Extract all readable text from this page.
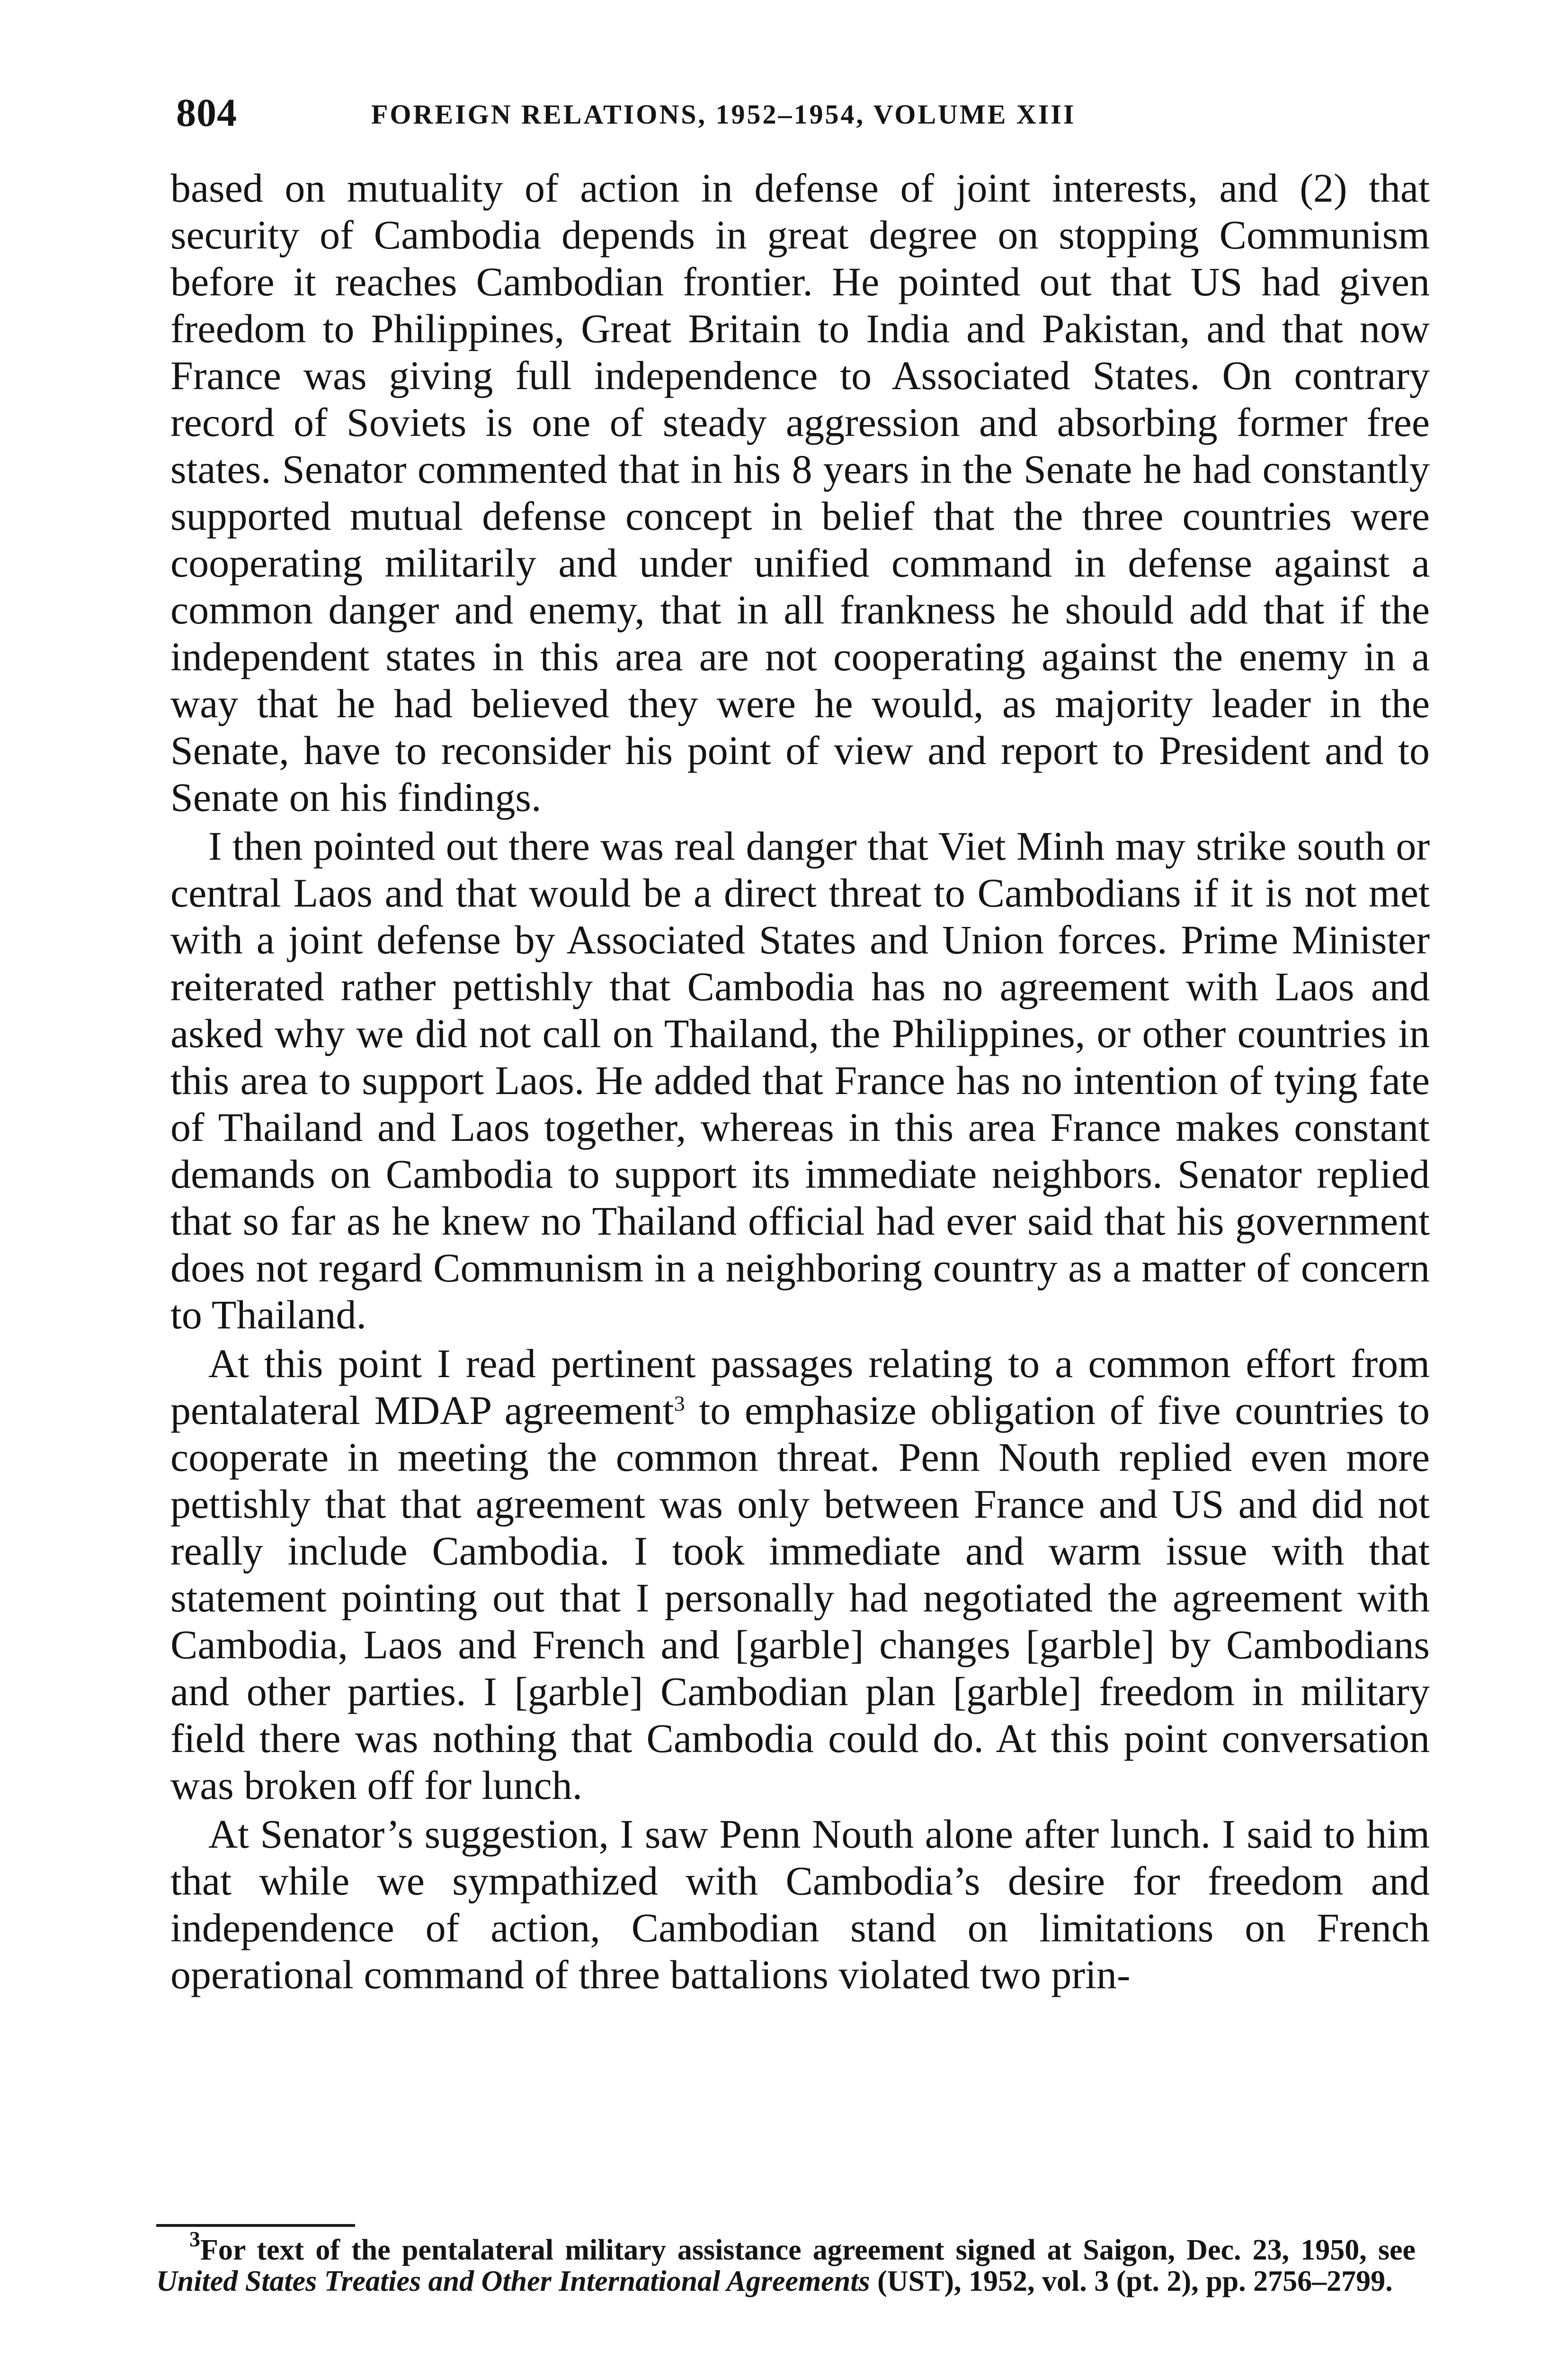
804	FOREIGN RELATIONS, 1952–1954, VOLUME XIII

based on mutuality of action in defense of joint interests, and (2) that security of Cambodia depends in great degree on stopping Communism before it reaches Cambodian frontier. He pointed out that US had given freedom to Philippines, Great Britain to India and Pakistan, and that now France was giving full independence to Associated States. On contrary record of Soviets is one of steady aggression and absorbing former free states. Senator commented that in his 8 years in the Senate he had constantly supported mutual defense concept in belief that the three countries were cooperating militarily and under unified command in defense against a common danger and enemy, that in all frankness he should add that if the independent states in this area are not cooperating against the enemy in a way that he had believed they were he would, as majority leader in the Senate, have to reconsider his point of view and report to President and to Senate on his findings.

I then pointed out there was real danger that Viet Minh may strike south or central Laos and that would be a direct threat to Cambodians if it is not met with a joint defense by Associated States and Union forces. Prime Minister reiterated rather pettishly that Cambodia has no agreement with Laos and asked why we did not call on Thailand, the Philippines, or other countries in this area to support Laos. He added that France has no intention of tying fate of Thailand and Laos together, whereas in this area France makes constant demands on Cambodia to support its immediate neighbors. Senator replied that so far as he knew no Thailand official had ever said that his government does not regard Communism in a neighboring country as a matter of concern to Thailand.

At this point I read pertinent passages relating to a common effort from pentalateral MDAP agreement$^3$ to emphasize obligation of five countries to cooperate in meeting the common threat. Penn Nouth replied even more pettishly that that agreement was only between France and US and did not really include Cambodia. I took immediate and warm issue with that statement pointing out that I personally had negotiated the agreement with Cambodia, Laos and French and [garble] changes [garble] by Cambodians and other parties. I [garble] Cambodian plan [garble] freedom in military field there was nothing that Cambodia could do. At this point conversation was broken off for lunch.

At Senator’s suggestion, I saw Penn Nouth alone after lunch. I said to him that while we sympathized with Cambodia’s desire for freedom and independence of action, Cambodian stand on limitations on French operational command of three battalions violated two prin-

$^3$For text of the pentalateral military assistance agreement signed at Saigon, Dec. 23, 1950, see United States Treaties and Other International Agreements (UST), 1952, vol. 3 (pt. 2), pp. 2756–2799.
